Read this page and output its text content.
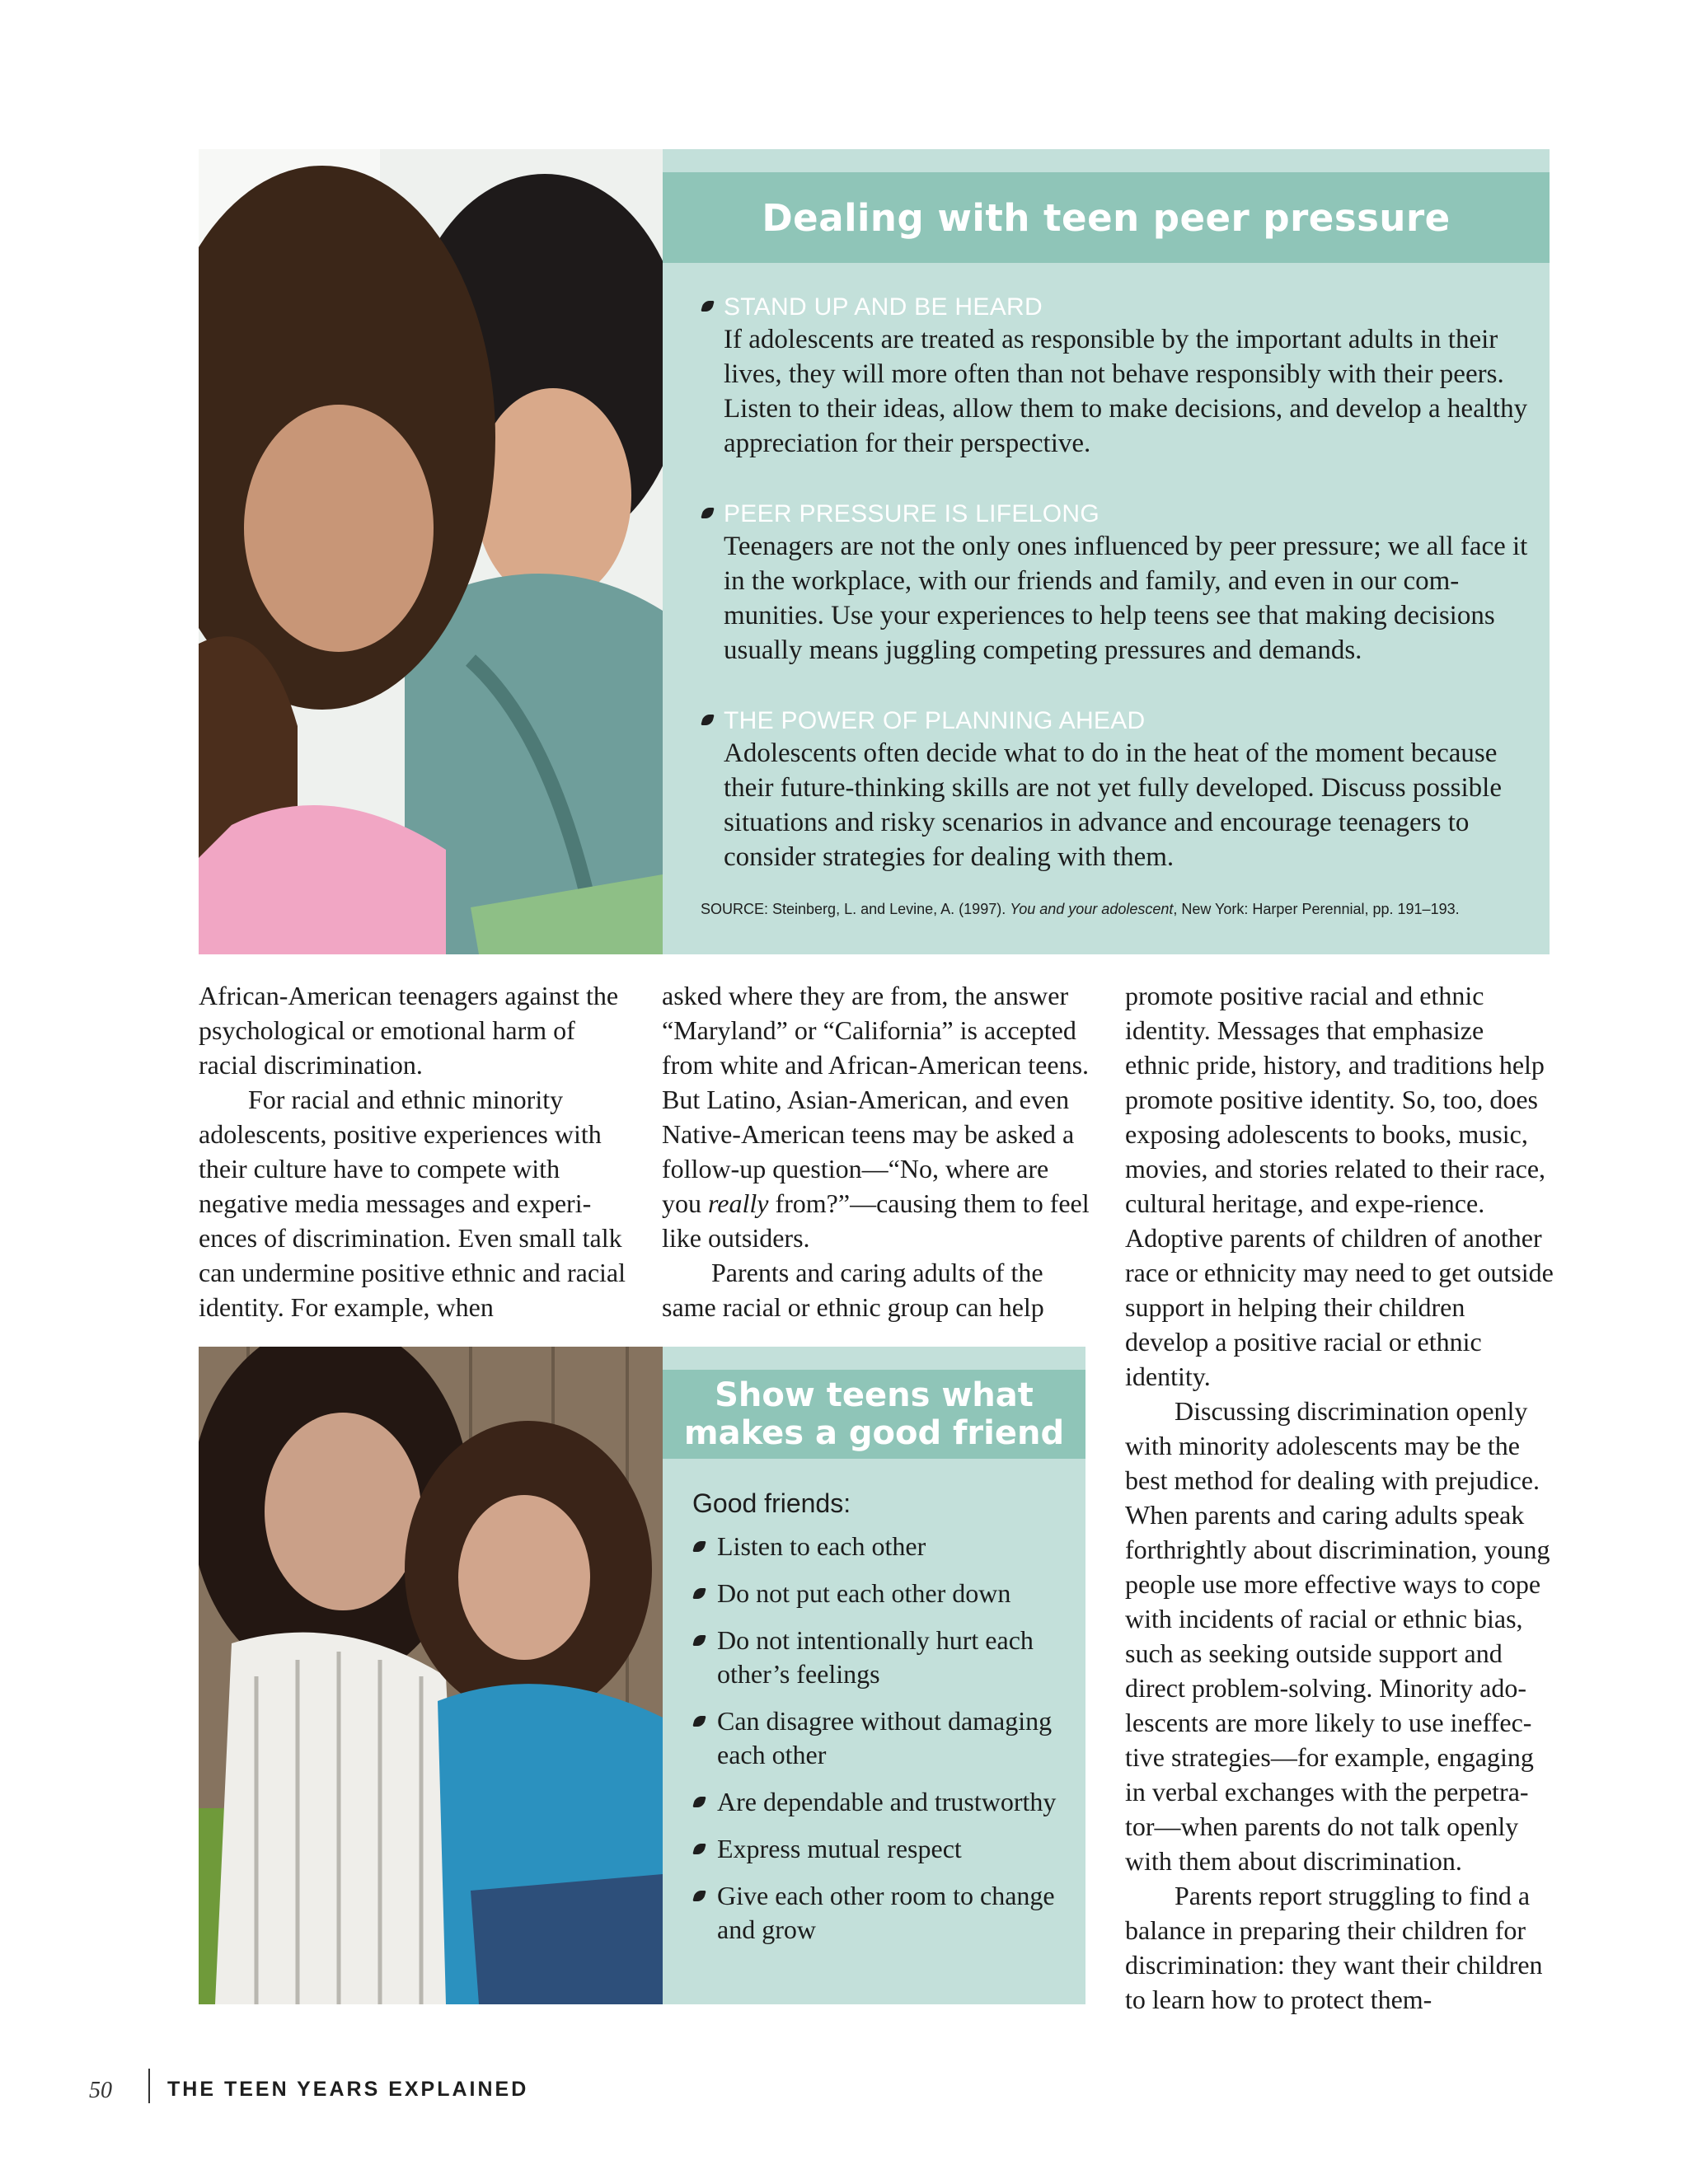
Dealing with teen peer pressure
STAND UP AND BE HEARD
If adolescents are treated as responsible by the important adults in their lives, they will more often than not behave responsibly with their peers. Listen to their ideas, allow them to make decisions, and develop a healthy appreciation for their perspective.
PEER PRESSURE IS LIFELONG
Teenagers are not the only ones influenced by peer pressure; we all face it in the workplace, with our friends and family, and even in our com-munities. Use your experiences to help teens see that making decisions usually means juggling competing pressures and demands.
THE POWER OF PLANNING AHEAD
Adolescents often decide what to do in the heat of the moment because their future-thinking skills are not yet fully developed. Discuss possible situations and risky scenarios in advance and encourage teenagers to consider strategies for dealing with them.
SOURCE: Steinberg, L. and Levine, A. (1997). You and your adolescent, New York: Harper Perennial, pp. 191–193.

African-American teenagers against the psychological or emotional harm of racial discrimination.

For racial and ethnic minority adolescents, positive experiences with their culture have to compete with negative media messages and experi-ences of discrimination. Even small talk can undermine positive ethnic and racial identity. For example, when

asked where they are from, the answer “Maryland” or “California” is accepted from white and African-American teens. But Latino, Asian-American, and even Native-American teens may be asked a follow-up question—“No, where are you really from?”—causing them to feel like outsiders.

Parents and caring adults of the same racial or ethnic group can help

promote positive racial and ethnic identity. Messages that emphasize ethnic pride, history, and traditions help promote positive identity. So, too, does exposing adolescents to books, music, movies, and stories related to their race, cultural heritage, and expe-rience. Adoptive parents of children of another race or ethnicity may need to get outside support in helping their children develop a positive racial or ethnic identity.

Discussing discrimination openly with minority adolescents may be the best method for dealing with prejudice. When parents and caring adults speak forthrightly about discrimination, young people use more effective ways to cope with incidents of racial or ethnic bias, such as seeking outside support and direct problem-solving. Minority ado-lescents are more likely to use ineffec-tive strategies—for example, engaging in verbal exchanges with the perpetra-tor—when parents do not talk openly with them about discrimination.

Parents report struggling to find a balance in preparing their children for discrimination: they want their children to learn how to protect them-

Show teens what
makes a good friend
Good friends:
Listen to each other
Do not put each other down
Do not intentionally hurt each other’s feelings
Can disagree without damaging each other
Are dependable and trustworthy
Express mutual respect
Give each other room to change and grow
50	THE TEEN YEARS EXPLAINED
